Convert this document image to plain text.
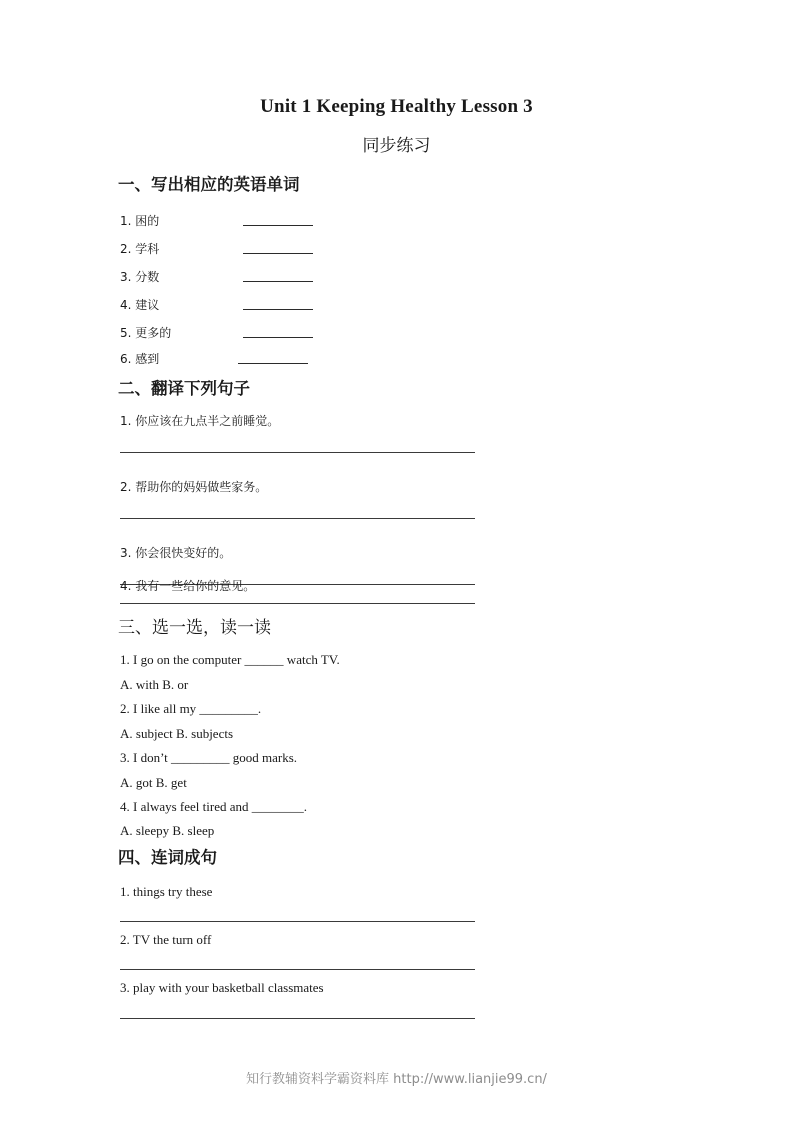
Unit 1 Keeping Healthy Lesson 3
同步练习
一、写出相应的英语单词
1. 困的
2. 学科
3. 分数
4. 建议
5. 更多的
6. 感到
二、翻译下列句子
1. 你应该在九点半之前睡觉。
2. 帮助你的妈妈做些家务。
3. 你会很快变好的。
4. 我有一些给你的意见。
三、选一选，读一读
1. I go on the computer ______ watch TV.
A. with B. or
2. I like all my _________.
A. subject B. subjects
3. I don’t _________ good marks.
A. got B. get
4. I always feel tired and ________.
A. sleepy B. sleep
四、连词成句
1. things try these
2. TV the turn off
3. play with your basketball classmates
知行教辅资料学霸资料库 http://www.lianjie99.cn/
